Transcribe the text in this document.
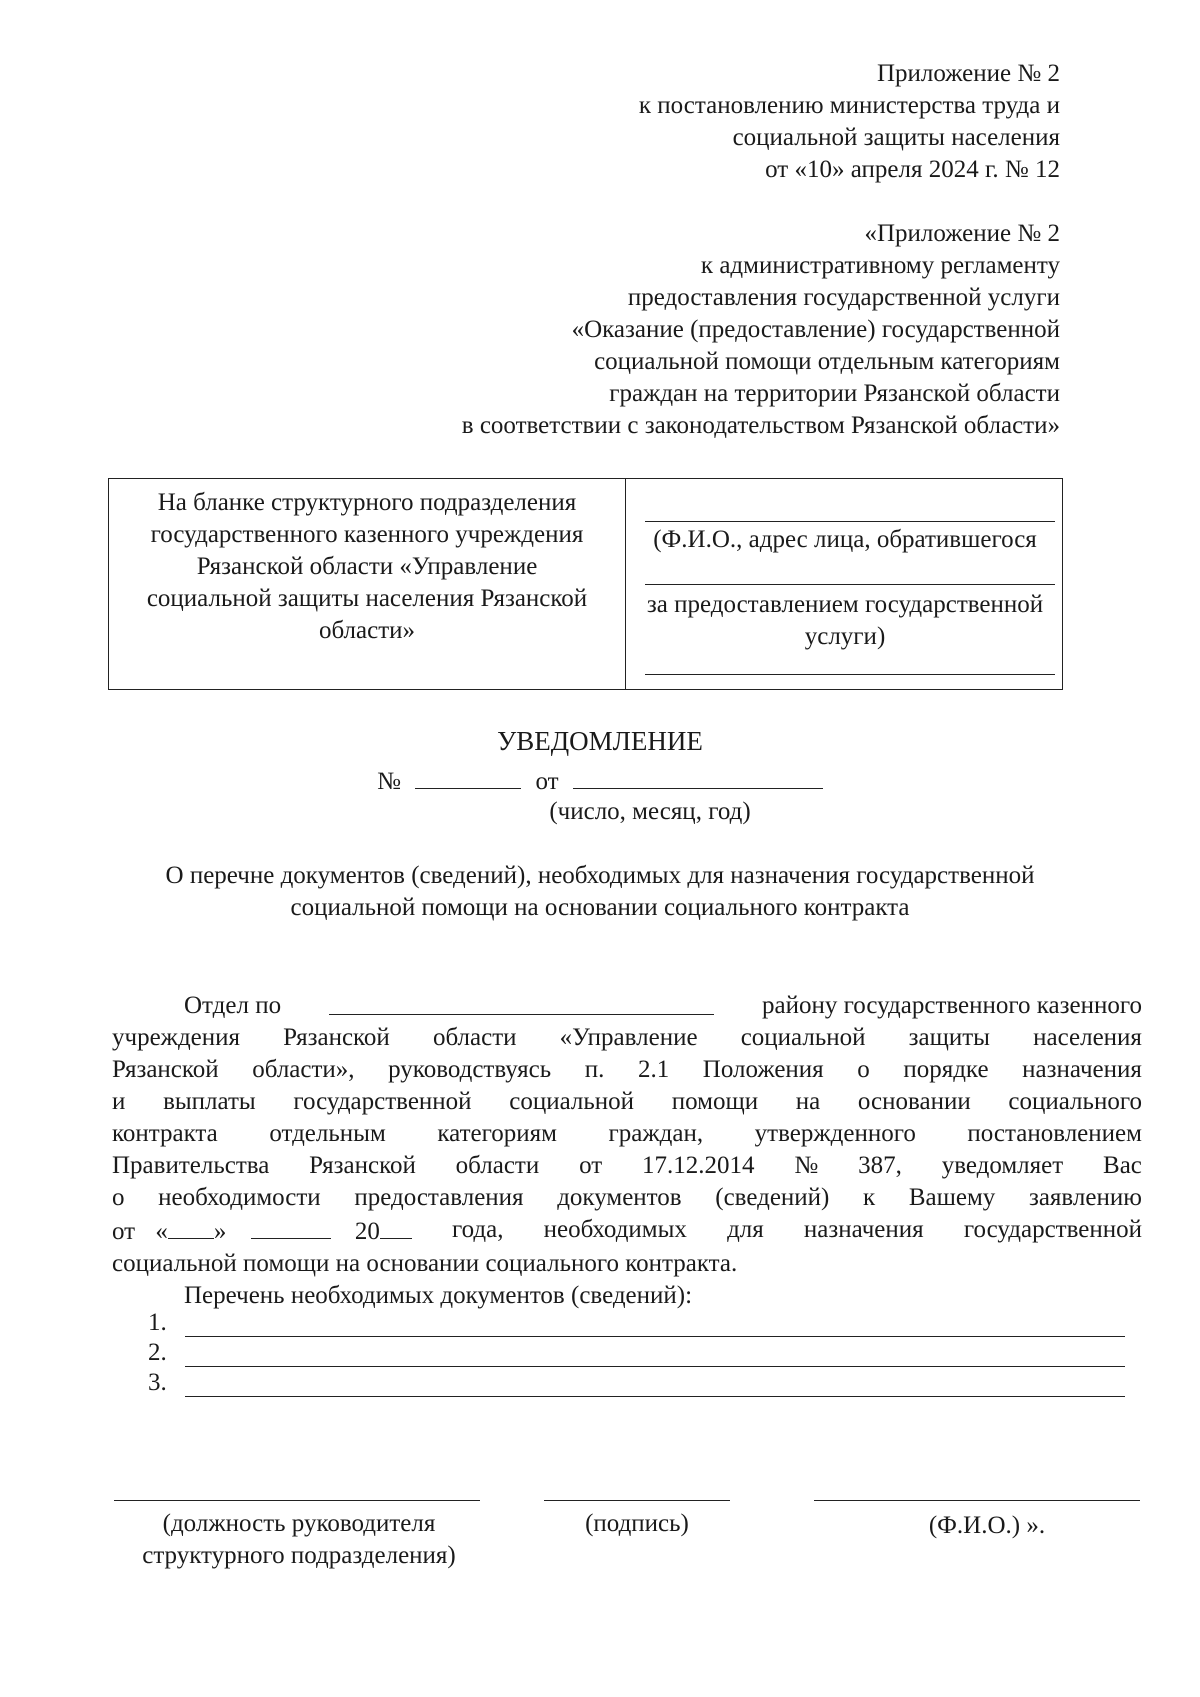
Приложение № 2
к постановлению министерства труда и
социальной защиты населения
от «10» апреля 2024 г. № 12
«Приложение № 2
к административному регламенту
предоставления государственной услуги
«Оказание (предоставление) государственной
социальной помощи отдельным категориям
граждан на территории Рязанской области
в соответствии с законодательством Рязанской области»
На бланке структурного подразделения
государственного казенного учреждения
Рязанской области «Управление
социальной защиты населения Рязанской
области»
(Ф.И.О., адрес лица, обратившегося
за предоставлением государственной
услуги)
УВЕДОМЛЕНИЕ
№	от
(число, месяц, год)
О перечне документов (сведений), необходимых для назначения государственной
социальной помощи на основании социального контракта
Отдел по	району государственного казенного
учреждения Рязанской области «Управление социальной защиты населения
Рязанской области», руководствуясь п. 2.1 Положения о порядке назначения
и выплаты государственной социальной помощи на основании социального
контракта отдельным категориям граждан, утвержденного постановлением
Правительства Рязанской области от 17.12.2014 № 387, уведомляет Вас
о необходимости предоставления документов (сведений) к Вашему заявлению
от « »	20	года, необходимых для назначения государственной
социальной помощи на основании социального контракта.
Перечень необходимых документов (сведений):
1.
2.
3.
(должность руководителя
структурного подразделения)
(подпись)	(Ф.И.О.) ».
